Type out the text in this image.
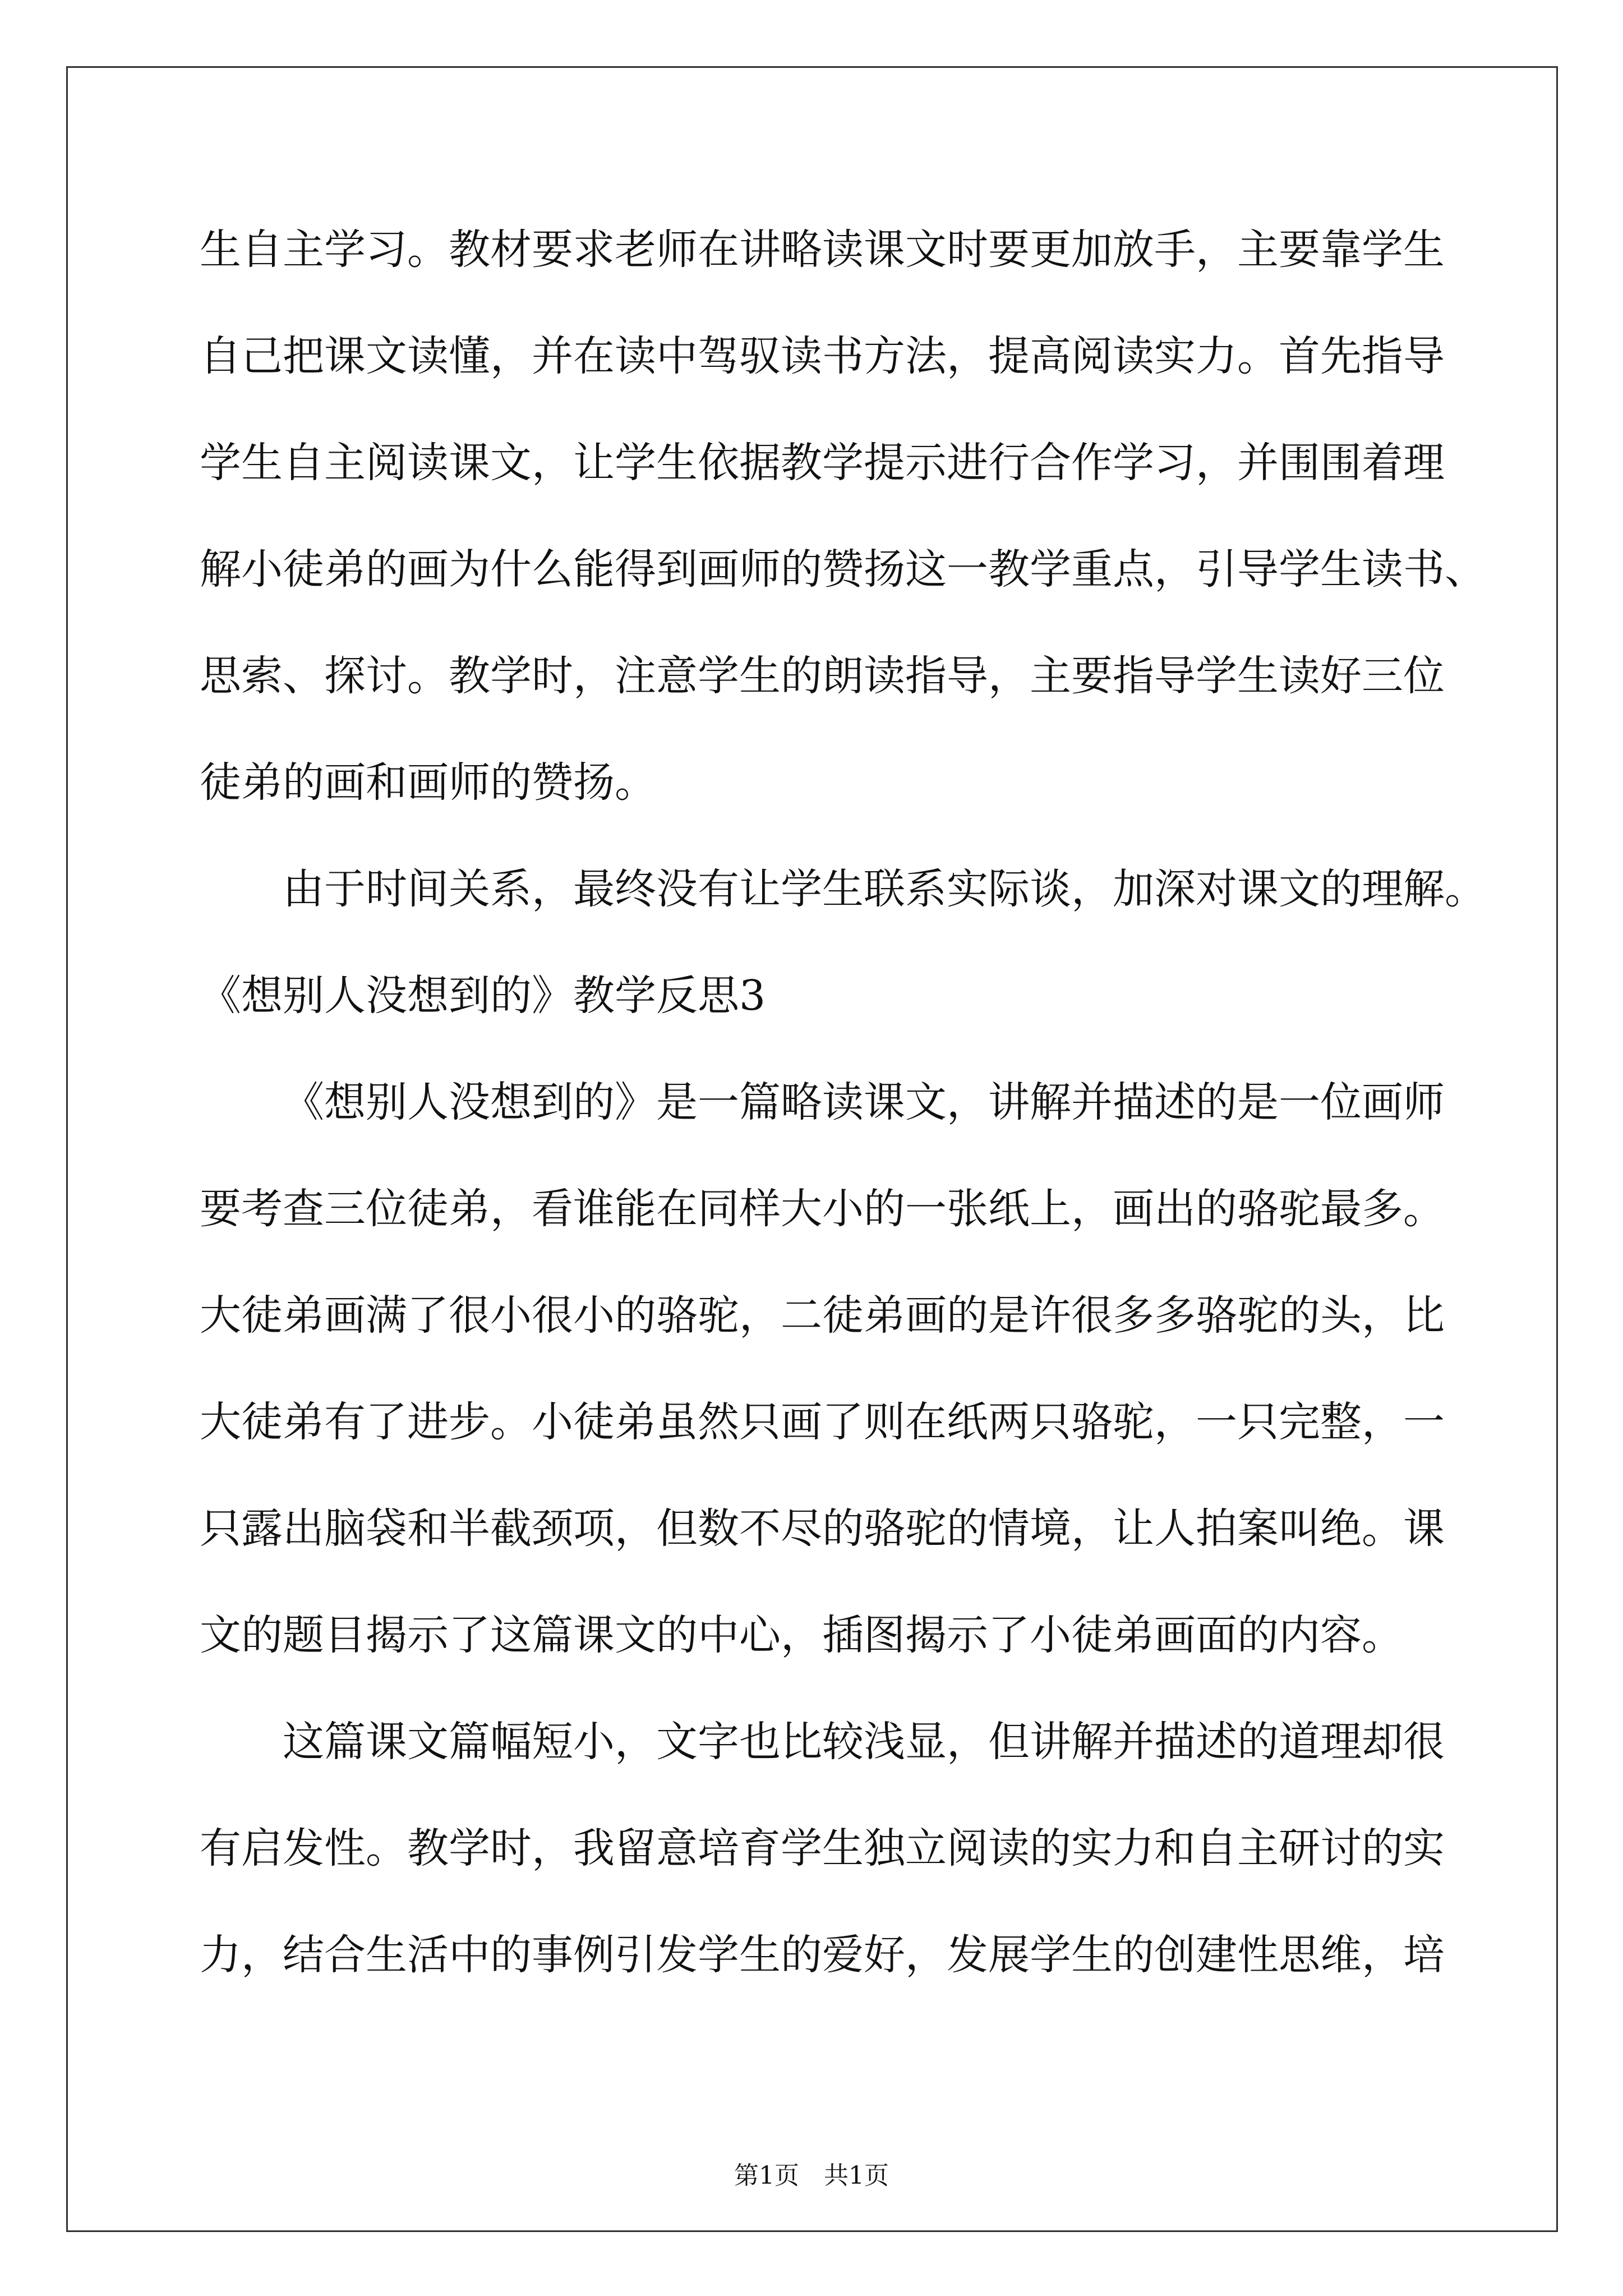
生自主学习。教材要求老师在讲略读课文时要更加放手，主要靠学生
自己把课文读懂，并在读中驾驭读书方法，提高阅读实力。首先指导
学生自主阅读课文，让学生依据教学提示进行合作学习，并围围着理
解小徒弟的画为什么能得到画师的赞扬这一教学重点，引导学生读书、
思索、探讨。教学时，注意学生的朗读指导，主要指导学生读好三位
徒弟的画和画师的赞扬。
由于时间关系，最终没有让学生联系实际谈，加深对课文的理解。
《想别人没想到的》教学反思3
《想别人没想到的》是一篇略读课文，讲解并描述的是一位画师
要考查三位徒弟，看谁能在同样大小的一张纸上，画出的骆驼最多。
大徒弟画满了很小很小的骆驼，二徒弟画的是许很多多骆驼的头，比
大徒弟有了进步。小徒弟虽然只画了则在纸两只骆驼，一只完整，一
只露出脑袋和半截颈项，但数不尽的骆驼的情境，让人拍案叫绝。课
文的题目揭示了这篇课文的中心，插图揭示了小徒弟画面的内容。
这篇课文篇幅短小，文字也比较浅显，但讲解并描述的道理却很
有启发性。教学时，我留意培育学生独立阅读的实力和自主研讨的实
力，结合生活中的事例引发学生的爱好，发展学生的创建性思维，培
第1页　共1页
